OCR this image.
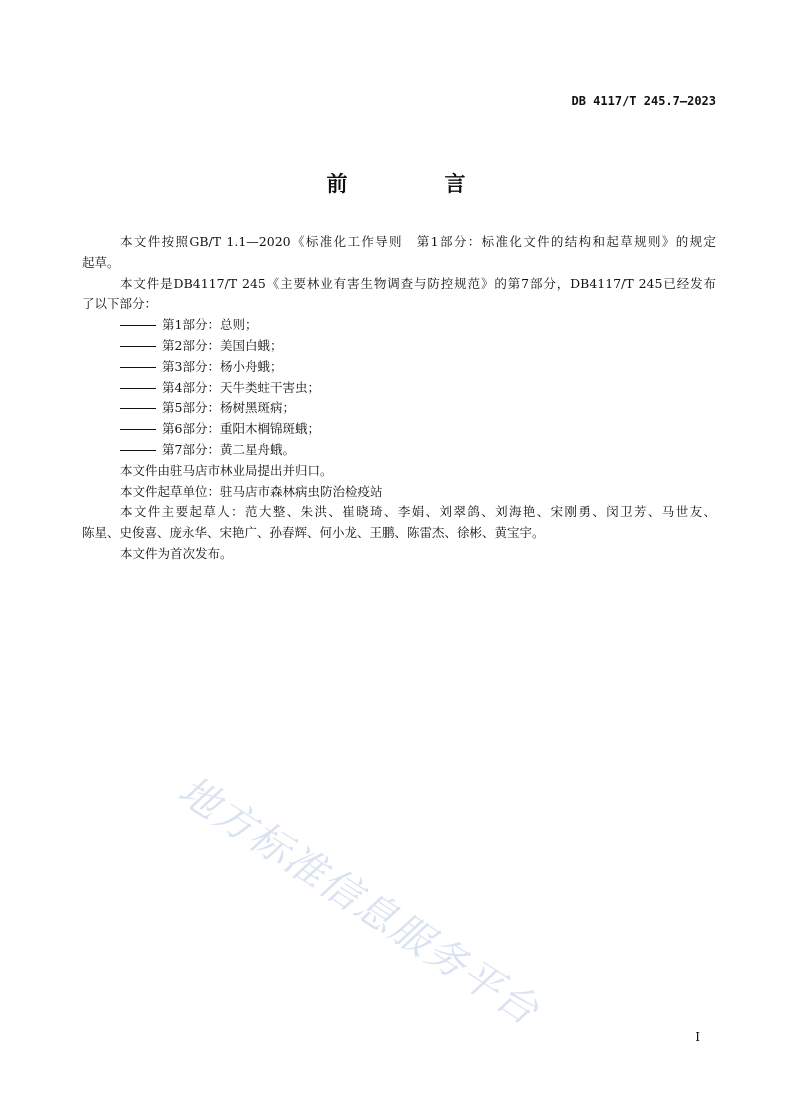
DB 4117/T 245.7—2023
前　言

本文件按照GB/T 1.1—2020《标准化工作导则　第1部分：标准化文件的结构和起草规则》的规定

起草。

本文件是DB4117/T 245《主要林业有害生物调查与防控规范》的第7部分，DB4117/T 245已经发布

了以下部分：

第1部分：总则；

第2部分：美国白蛾；

第3部分：杨小舟蛾；

第4部分：天牛类蛀干害虫；

第5部分：杨树黑斑病；

第6部分：重阳木榈锦斑蛾；

第7部分：黄二星舟蛾。

本文件由驻马店市林业局提出并归口。

本文件起草单位：驻马店市森林病虫防治检疫站

本文件主要起草人：范大整、朱洪、崔晓琦、李娟、刘翠鸽、刘海艳、宋刚勇、闵卫芳、马世友、

陈星、史俊喜、庞永华、宋艳广、孙春辉、何小龙、王鹏、陈雷杰、徐彬、黄宝宇。

本文件为首次发布。

地方标准信息服务平台
I
